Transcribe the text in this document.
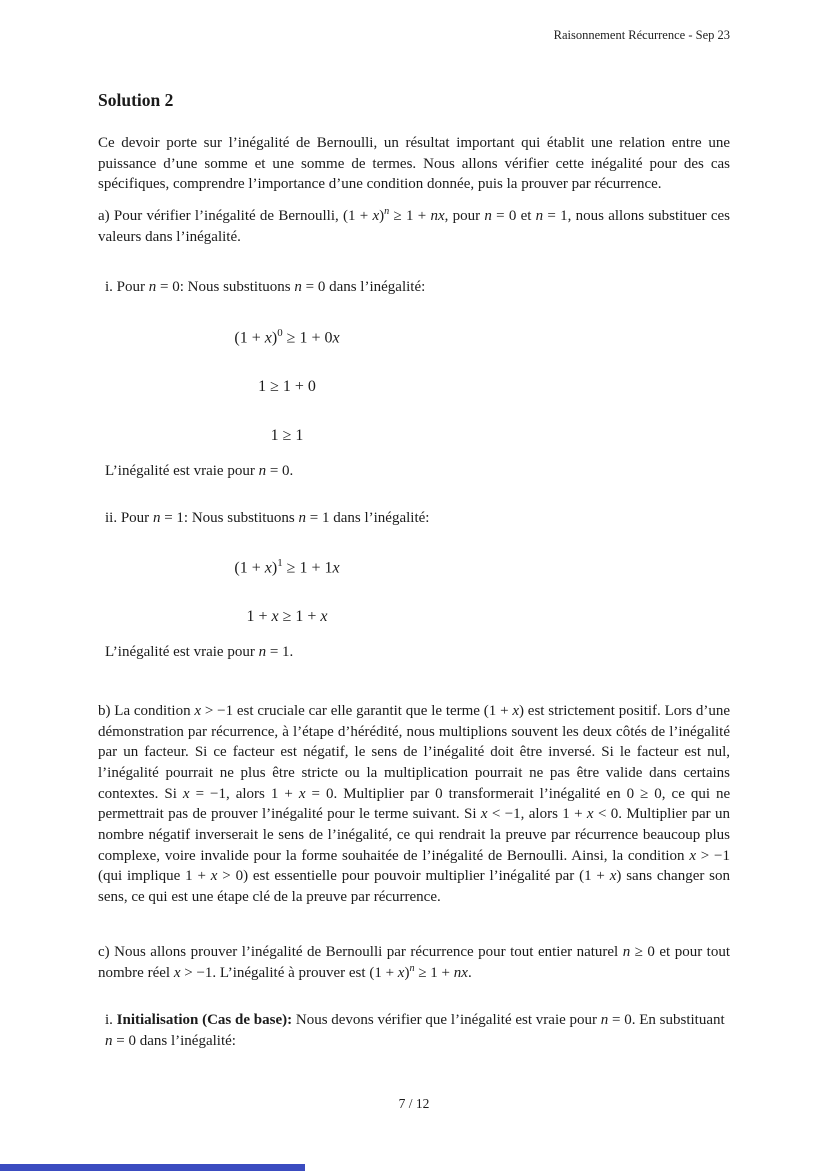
Raisonnement Récurrence - Sep 23
Solution 2

Ce devoir porte sur l’inégalité de Bernoulli, un résultat important qui établit une relation entre une puissance d’une somme et une somme de termes. Nous allons vérifier cette inégalité pour des cas spécifiques, comprendre l’importance d’une condition donnée, puis la prouver par récurrence.

a) Pour vérifier l’inégalité de Bernoulli, $(1 + x)^n \ge 1$ + nx, pour n = 0 et n = 1, nous allons substituer ces valeurs dans l’inégalité.

i. Pour n = 0: Nous substituons n = 0 dans l’inégalité:
$(1 + x)^0 \ge 1 + 0x$
1 ≥ 1 + 0
1 ≥ 1
L’inégalité est vraie pour n = 0.
ii. Pour n = 1: Nous substituons n = 1 dans l’inégalité:
$(1 + x)^1 \ge 1 + 1x$
1 + x ≥ 1 + x
L’inégalité est vraie pour n = 1.

b) La condition x > −1 est cruciale car elle garantit que le terme (1 + x) est strictement positif. Lors d’une démonstration par récurrence, à l’étape d’hérédité, nous multiplions souvent les deux côtés de l’inégalité par un facteur. Si ce facteur est négatif, le sens de l’inégalité doit être inversé. Si le facteur est nul, l’inégalité pourrait ne plus être stricte ou la multiplication pourrait ne pas être valide dans certains contextes. Si x = −1, alors 1 + x = 0. Multiplier par 0 transformerait l’inégalité en 0 ≥ 0, ce qui ne permettrait pas de prouver l’inégalité pour le terme suivant. Si x < −1, alors 1 + x < 0. Multiplier par un nombre négatif inverserait le sens de l’inégalité, ce qui rendrait la preuve par récurrence beaucoup plus complexe, voire invalide pour la forme souhaitée de l’inégalité de Bernoulli. Ainsi, la condition x > −1 (qui implique 1 + x > 0) est essentielle pour pouvoir multiplier l’inégalité par (1 + x) sans changer son sens, ce qui est une étape clé de la preuve par récurrence.

c) Nous allons prouver l’inégalité de Bernoulli par récurrence pour tout entier naturel n ≥ 0 et pour tout nombre réel x > −1. L’inégalité à prouver est $(1 + x)^n \ge 1$ + nx.

i. Initialisation (Cas de base): Nous devons vérifier que l’inégalité est vraie pour n = 0. En substituant n = 0 dans l’inégalité:
7 / 12
